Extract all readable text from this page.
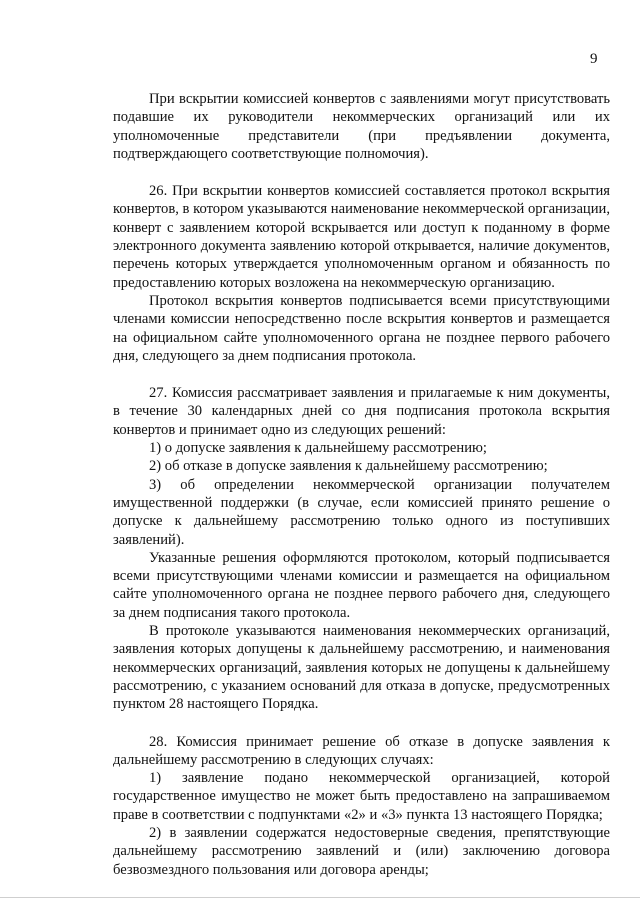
9

При вскрытии комиссией конвертов с заявлениями могут присутствовать подавшие их руководители некоммерческих организаций или их уполномоченные представители (при предъявлении документа, подтверждающего соответствующие полномочия).

26. При вскрытии конвертов комиссией составляется протокол вскрытия конвертов, в котором указываются наименование некоммерческой организации, конверт с заявлением которой вскрывается или доступ к поданному в форме электронного документа заявлению которой открывается, наличие документов, перечень которых утверждается уполномоченным органом и обязанность по предоставлению которых возложена на некоммерческую организацию.

Протокол вскрытия конвертов подписывается всеми присутствующими членами комиссии непосредственно после вскрытия конвертов и размещается на официальном сайте уполномоченного органа не позднее первого рабочего дня, следующего за днем подписания протокола.

27. Комиссия рассматривает заявления и прилагаемые к ним документы, в течение 30 календарных дней со дня подписания протокола вскрытия конвертов и принимает одно из следующих решений:

1) о допуске заявления к дальнейшему рассмотрению;

2) об отказе в допуске заявления к дальнейшему рассмотрению;

3) об определении некоммерческой организации получателем имущественной поддержки (в случае, если комиссией принято решение о допуске к дальнейшему рассмотрению только одного из поступивших заявлений).

Указанные решения оформляются протоколом, который подписывается всеми присутствующими членами комиссии и размещается на официальном сайте уполномоченного органа не позднее первого рабочего дня, следующего за днем подписания такого протокола.

В протоколе указываются наименования некоммерческих организаций, заявления которых допущены к дальнейшему рассмотрению, и наименования некоммерческих организаций, заявления которых не допущены к дальнейшему рассмотрению, с указанием оснований для отказа в допуске, предусмотренных пунктом 28 настоящего Порядка.

28. Комиссия принимает решение об отказе в допуске заявления к дальнейшему рассмотрению в следующих случаях:

1) заявление подано некоммерческой организацией, которой государственное имущество не может быть предоставлено на запрашиваемом праве в соответствии с подпунктами «2» и «3» пункта 13 настоящего Порядка;

2) в заявлении содержатся недостоверные сведения, препятствующие дальнейшему рассмотрению заявлений и (или) заключению договора безвозмездного пользования или договора аренды;
